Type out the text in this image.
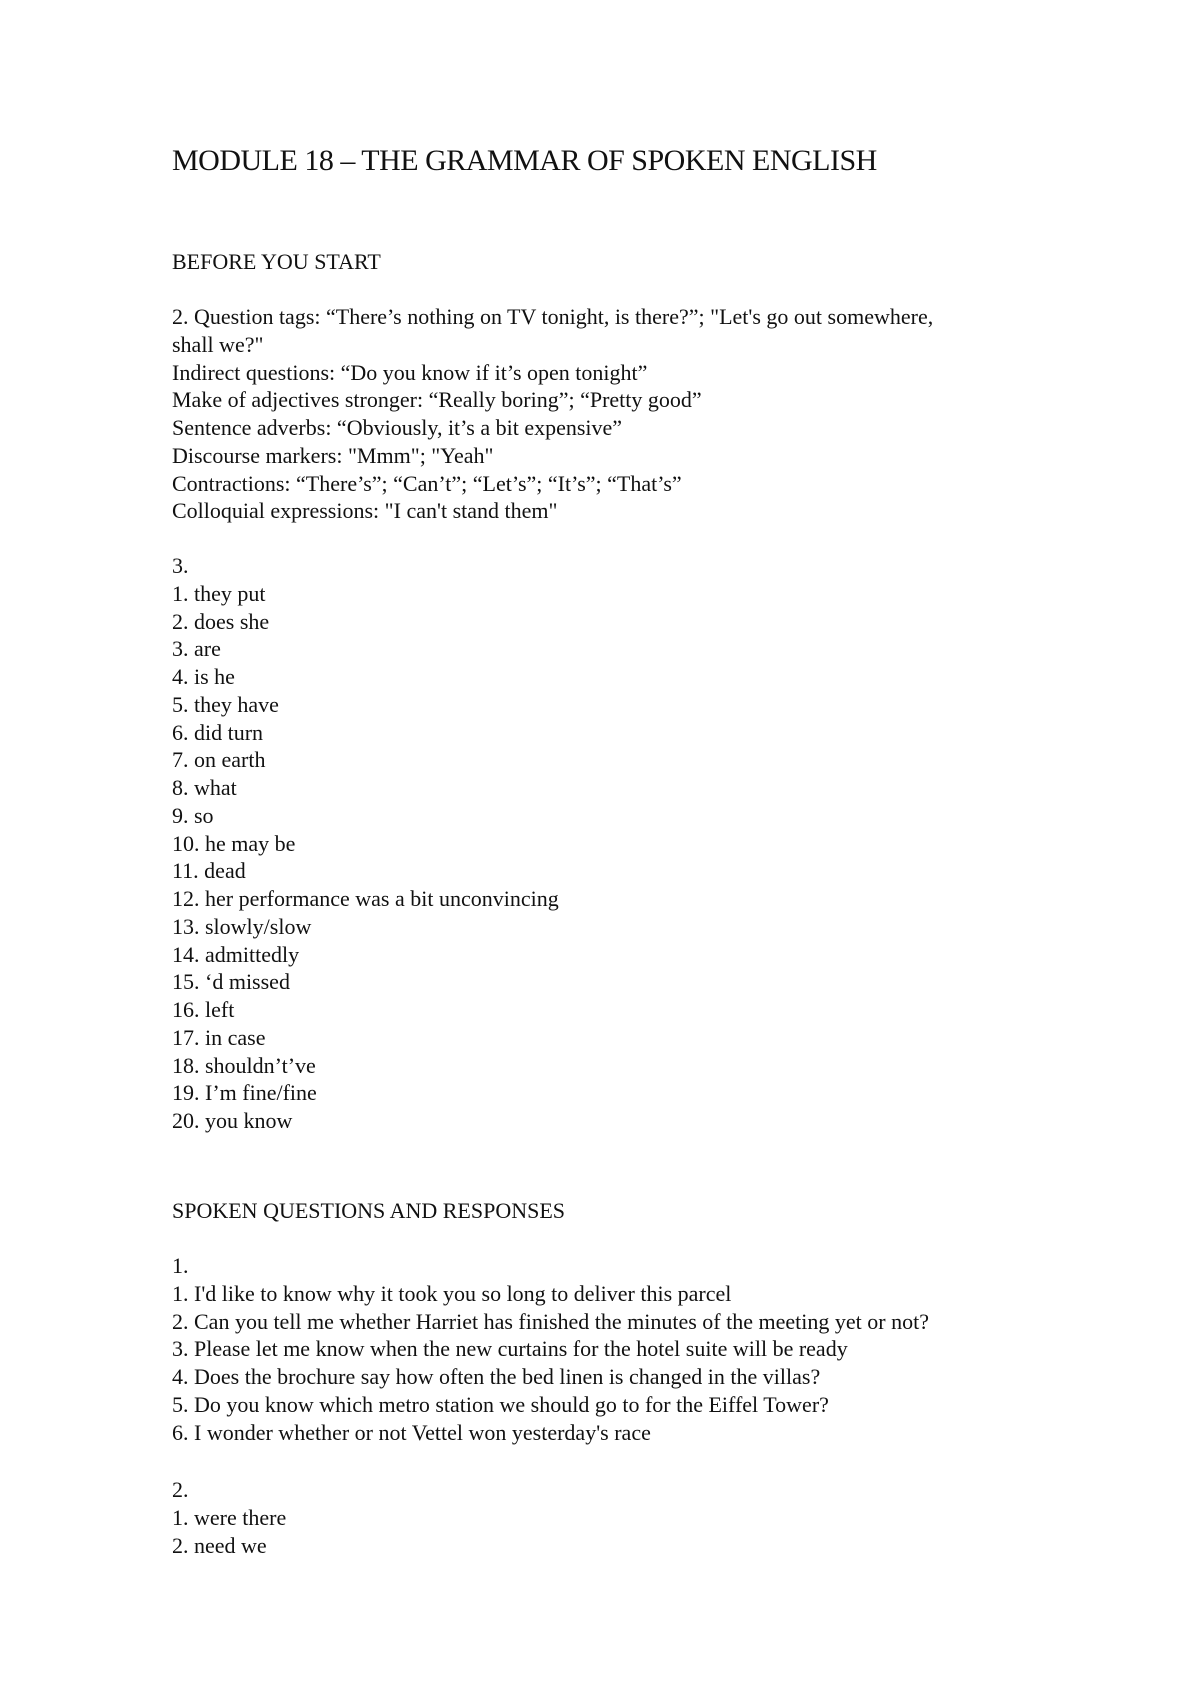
MODULE 18 – THE GRAMMAR OF SPOKEN ENGLISH
BEFORE YOU START
2. Question tags: “There’s nothing on TV tonight, is there?”; "Let's go out somewhere,
shall we?"
Indirect questions: “Do you know if it’s open tonight”
Make of adjectives stronger: “Really boring”; “Pretty good”
Sentence adverbs: “Obviously, it’s a bit expensive”
Discourse markers: "Mmm"; "Yeah"
Contractions: “There’s”; “Can’t”; “Let’s”; “It’s”; “That’s”
Colloquial expressions: "I can't stand them"
3.
1. they put
2. does she
3. are
4. is he
5. they have
6. did turn
7. on earth
8. what
9. so
10. he may be
11. dead
12. her performance was a bit unconvincing
13. slowly/slow
14. admittedly
15. ‘d missed
16. left
17. in case
18. shouldn’t’ve
19. I’m fine/fine
20. you know
SPOKEN QUESTIONS AND RESPONSES
1.
1. I'd like to know why it took you so long to deliver this parcel
2. Can you tell me whether Harriet has finished the minutes of the meeting yet or not?
3. Please let me know when the new curtains for the hotel suite will be ready
4. Does the brochure say how often the bed linen is changed in the villas?
5. Do you know which metro station we should go to for the Eiffel Tower?
6. I wonder whether or not Vettel won yesterday's race
2.
1. were there
2. need we
